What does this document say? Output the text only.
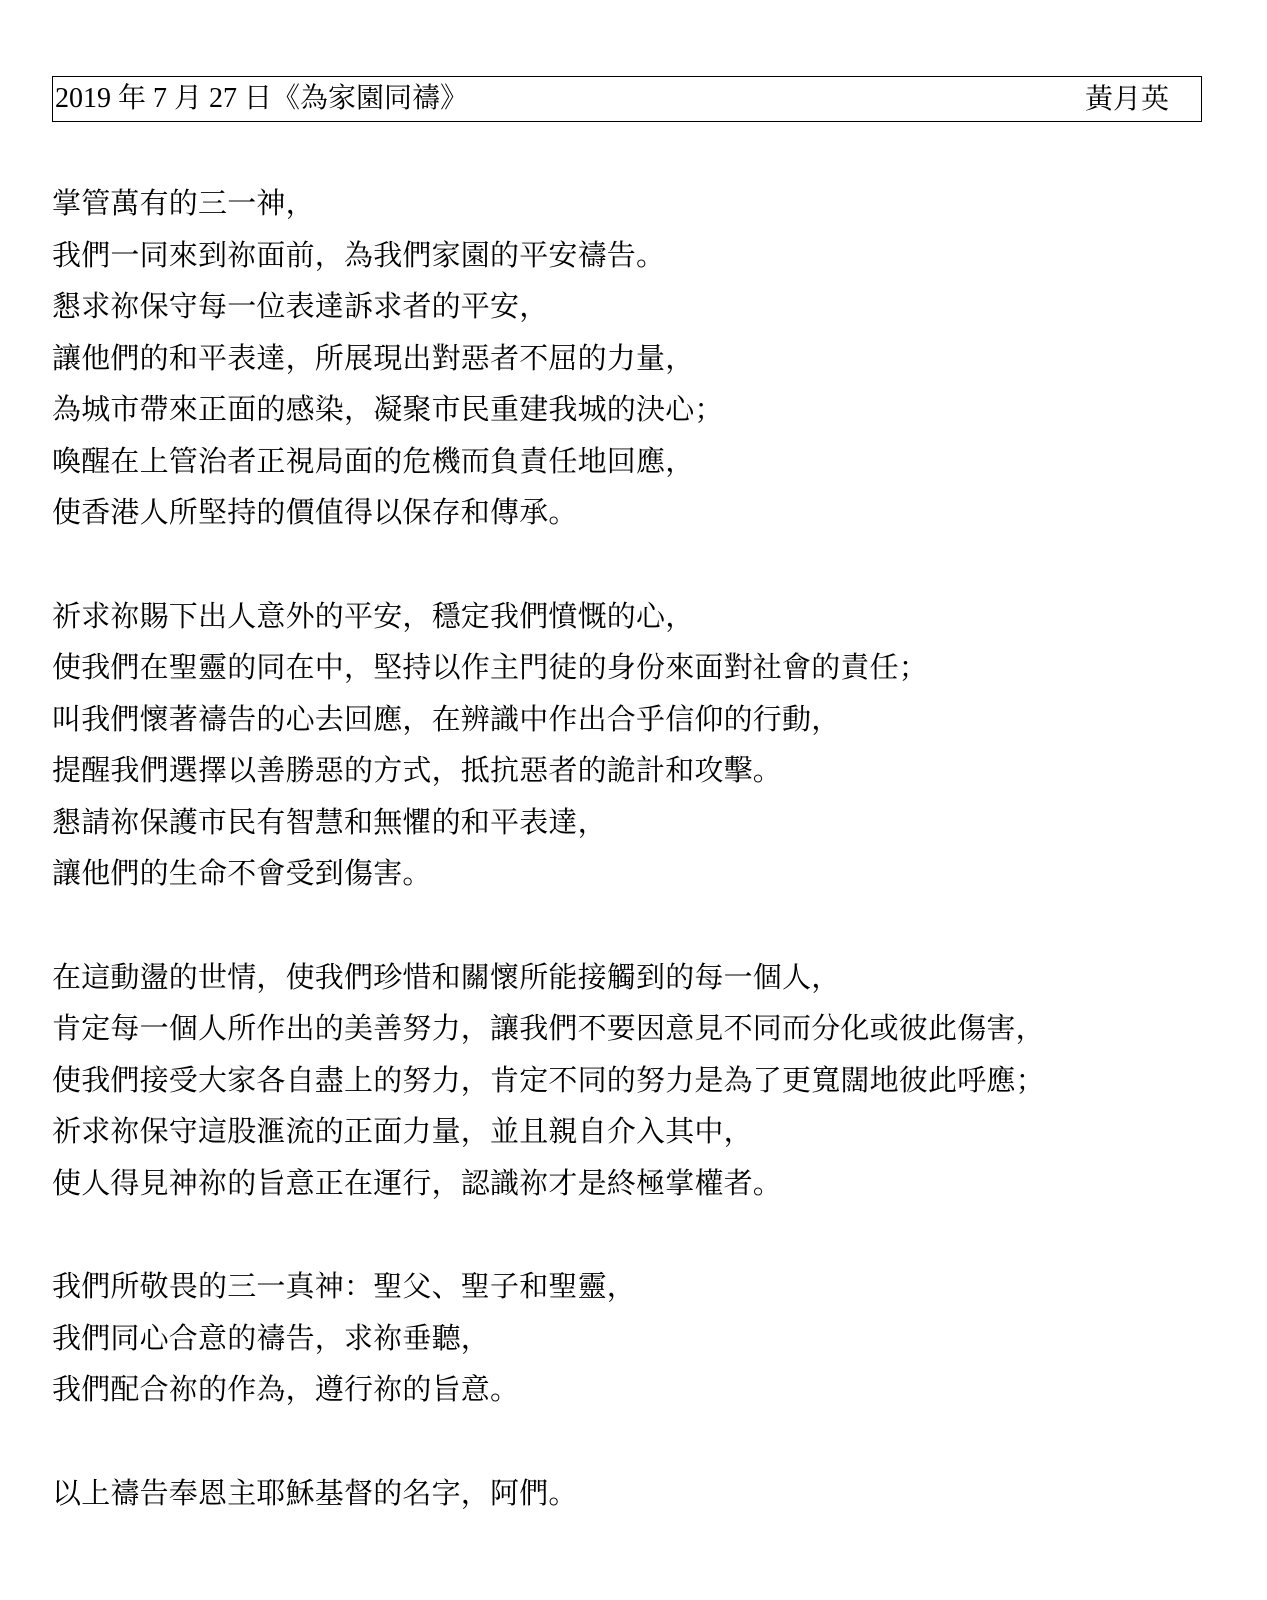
2019 年 7 月 27 日《為家園同禱》	黃月英
掌管萬有的三一神，
我們一同來到祢面前，為我們家園的平安禱告。
懇求祢保守每一位表達訴求者的平安，
讓他們的和平表達，所展現出對惡者不屈的力量，
為城市帶來正面的感染，凝聚市民重建我城的決心；
喚醒在上管治者正視局面的危機而負責任地回應，
使香港人所堅持的價值得以保存和傳承。
祈求祢賜下出人意外的平安，穩定我們憤慨的心，
使我們在聖靈的同在中，堅持以作主門徒的身份來面對社會的責任；
叫我們懷著禱告的心去回應，在辨識中作出合乎信仰的行動，
提醒我們選擇以善勝惡的方式，抵抗惡者的詭計和攻擊。
懇請祢保護市民有智慧和無懼的和平表達，
讓他們的生命不會受到傷害。
在這動盪的世情，使我們珍惜和關懷所能接觸到的每一個人，
肯定每一個人所作出的美善努力，讓我們不要因意見不同而分化或彼此傷害，
使我們接受大家各自盡上的努力，肯定不同的努力是為了更寬闊地彼此呼應；
祈求祢保守這股滙流的正面力量，並且親自介入其中，
使人得見神祢的旨意正在運行，認識祢才是終極掌權者。
我們所敬畏的三一真神：聖父、聖子和聖靈，
我們同心合意的禱告，求祢垂聽，
我們配合祢的作為，遵行祢的旨意。
以上禱告奉恩主耶穌基督的名字，阿們。
